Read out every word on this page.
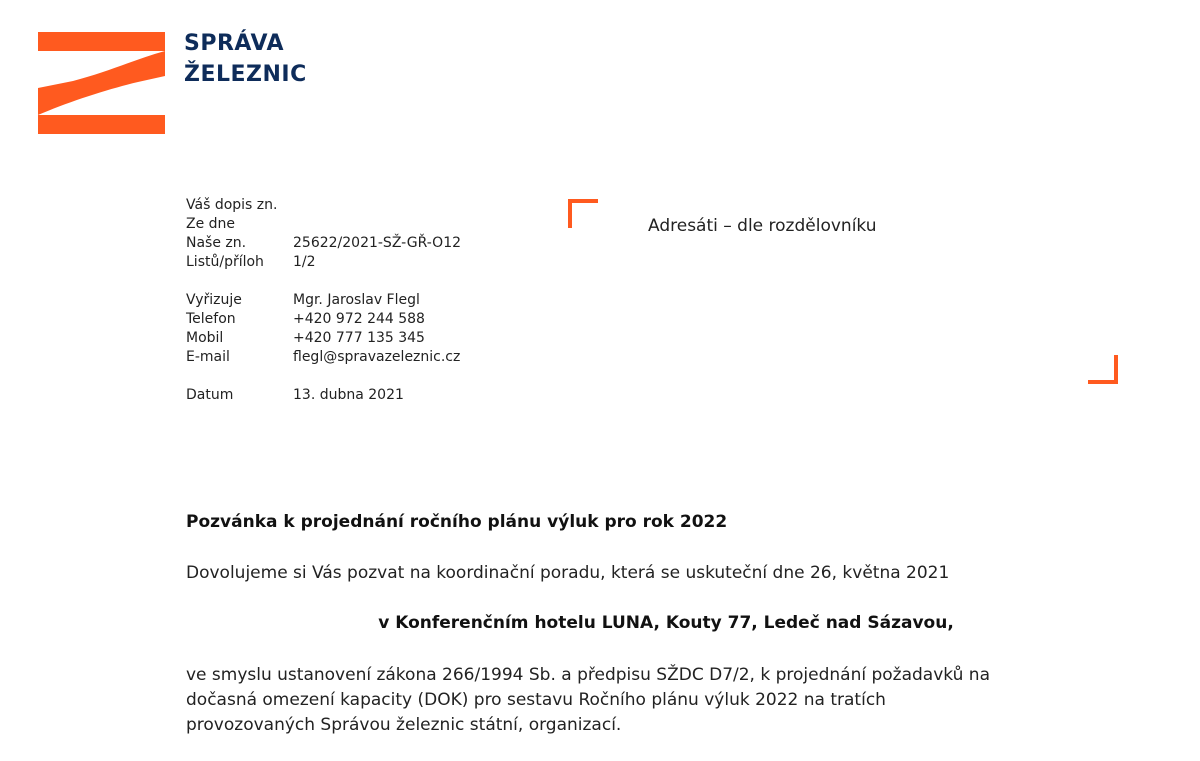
SPRÁVA
ŽELEZNIC
Váš dopis zn.
Ze dne
Naše zn.	25622/2021-SŽ-GŘ-O12
Listů/příloh	1/2
Vyřizuje	Mgr. Jaroslav Flegl
Telefon	+420 972 244 588
Mobil	+420 777 135 345
E-mail	flegl@spravazeleznic.cz
Datum	13. dubna 2021
Adresáti – dle rozdělovníku
Pozvánka k projednání ročního plánu výluk pro rok 2022
Dovolujeme si Vás pozvat na koordinační poradu, která se uskuteční dne 26, května 2021
v Konferenčním hotelu LUNA, Kouty 77, Ledeč nad Sázavou,
ve smyslu ustanovení zákona 266/1994 Sb. a předpisu SŽDC D7/2, k projednání požadavků na
dočasná omezení kapacity (DOK) pro sestavu Ročního plánu výluk 2022 na tratích
provozovaných Správou železnic státní, organizací.
